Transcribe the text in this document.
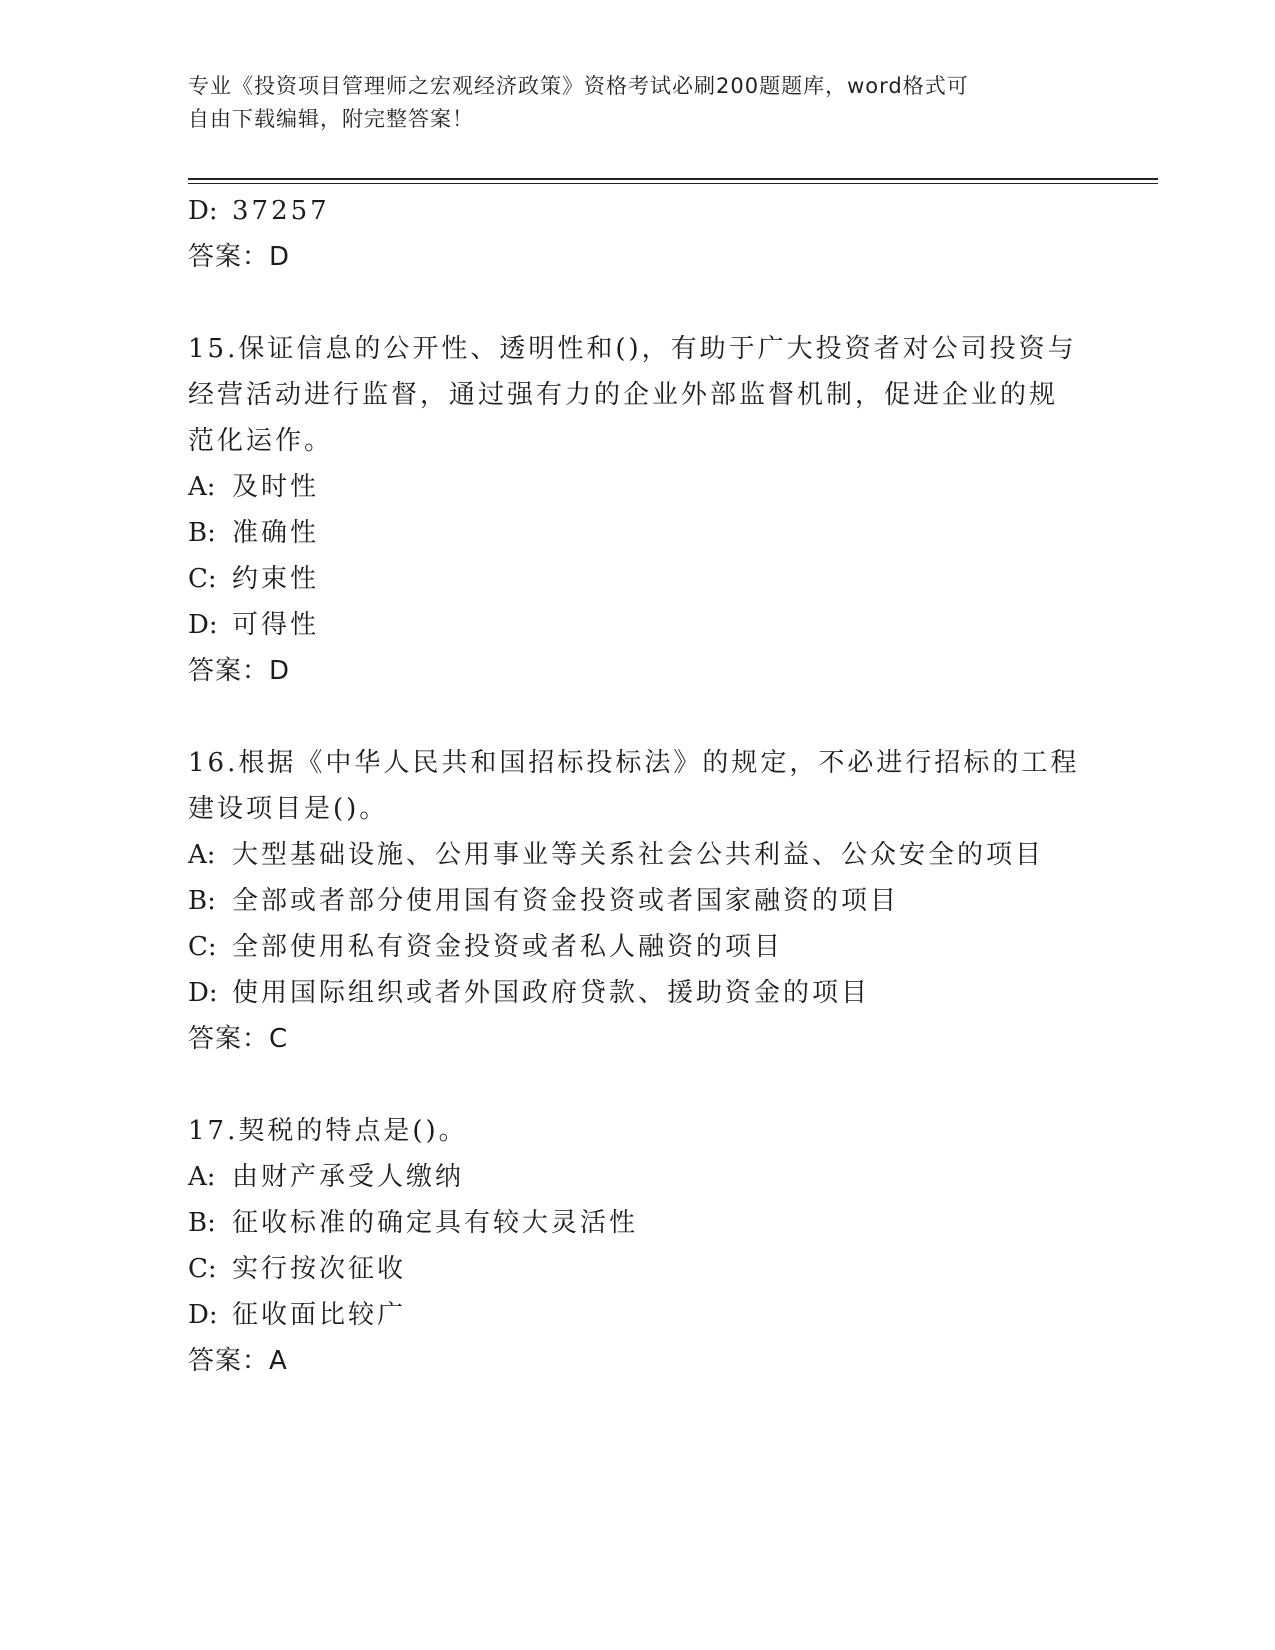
专业《投资项目管理师之宏观经济政策》资格考试必刷200题题库，word格式可
自由下载编辑，附完整答案！
D: 37257
答案：D
15.保证信息的公开性、透明性和()，有助于广大投资者对公司投资与
经营活动进行监督，通过强有力的企业外部监督机制，促进企业的规
范化运作。
A: 及时性
B: 准确性
C: 约束性
D: 可得性
答案：D
16.根据《中华人民共和国招标投标法》的规定，不必进行招标的工程
建设项目是()。
A: 大型基础设施、公用事业等关系社会公共利益、公众安全的项目
B: 全部或者部分使用国有资金投资或者国家融资的项目
C: 全部使用私有资金投资或者私人融资的项目
D: 使用国际组织或者外国政府贷款、援助资金的项目
答案：C
17.契税的特点是()。
A: 由财产承受人缴纳
B: 征收标准的确定具有较大灵活性
C: 实行按次征收
D: 征收面比较广
答案：A
